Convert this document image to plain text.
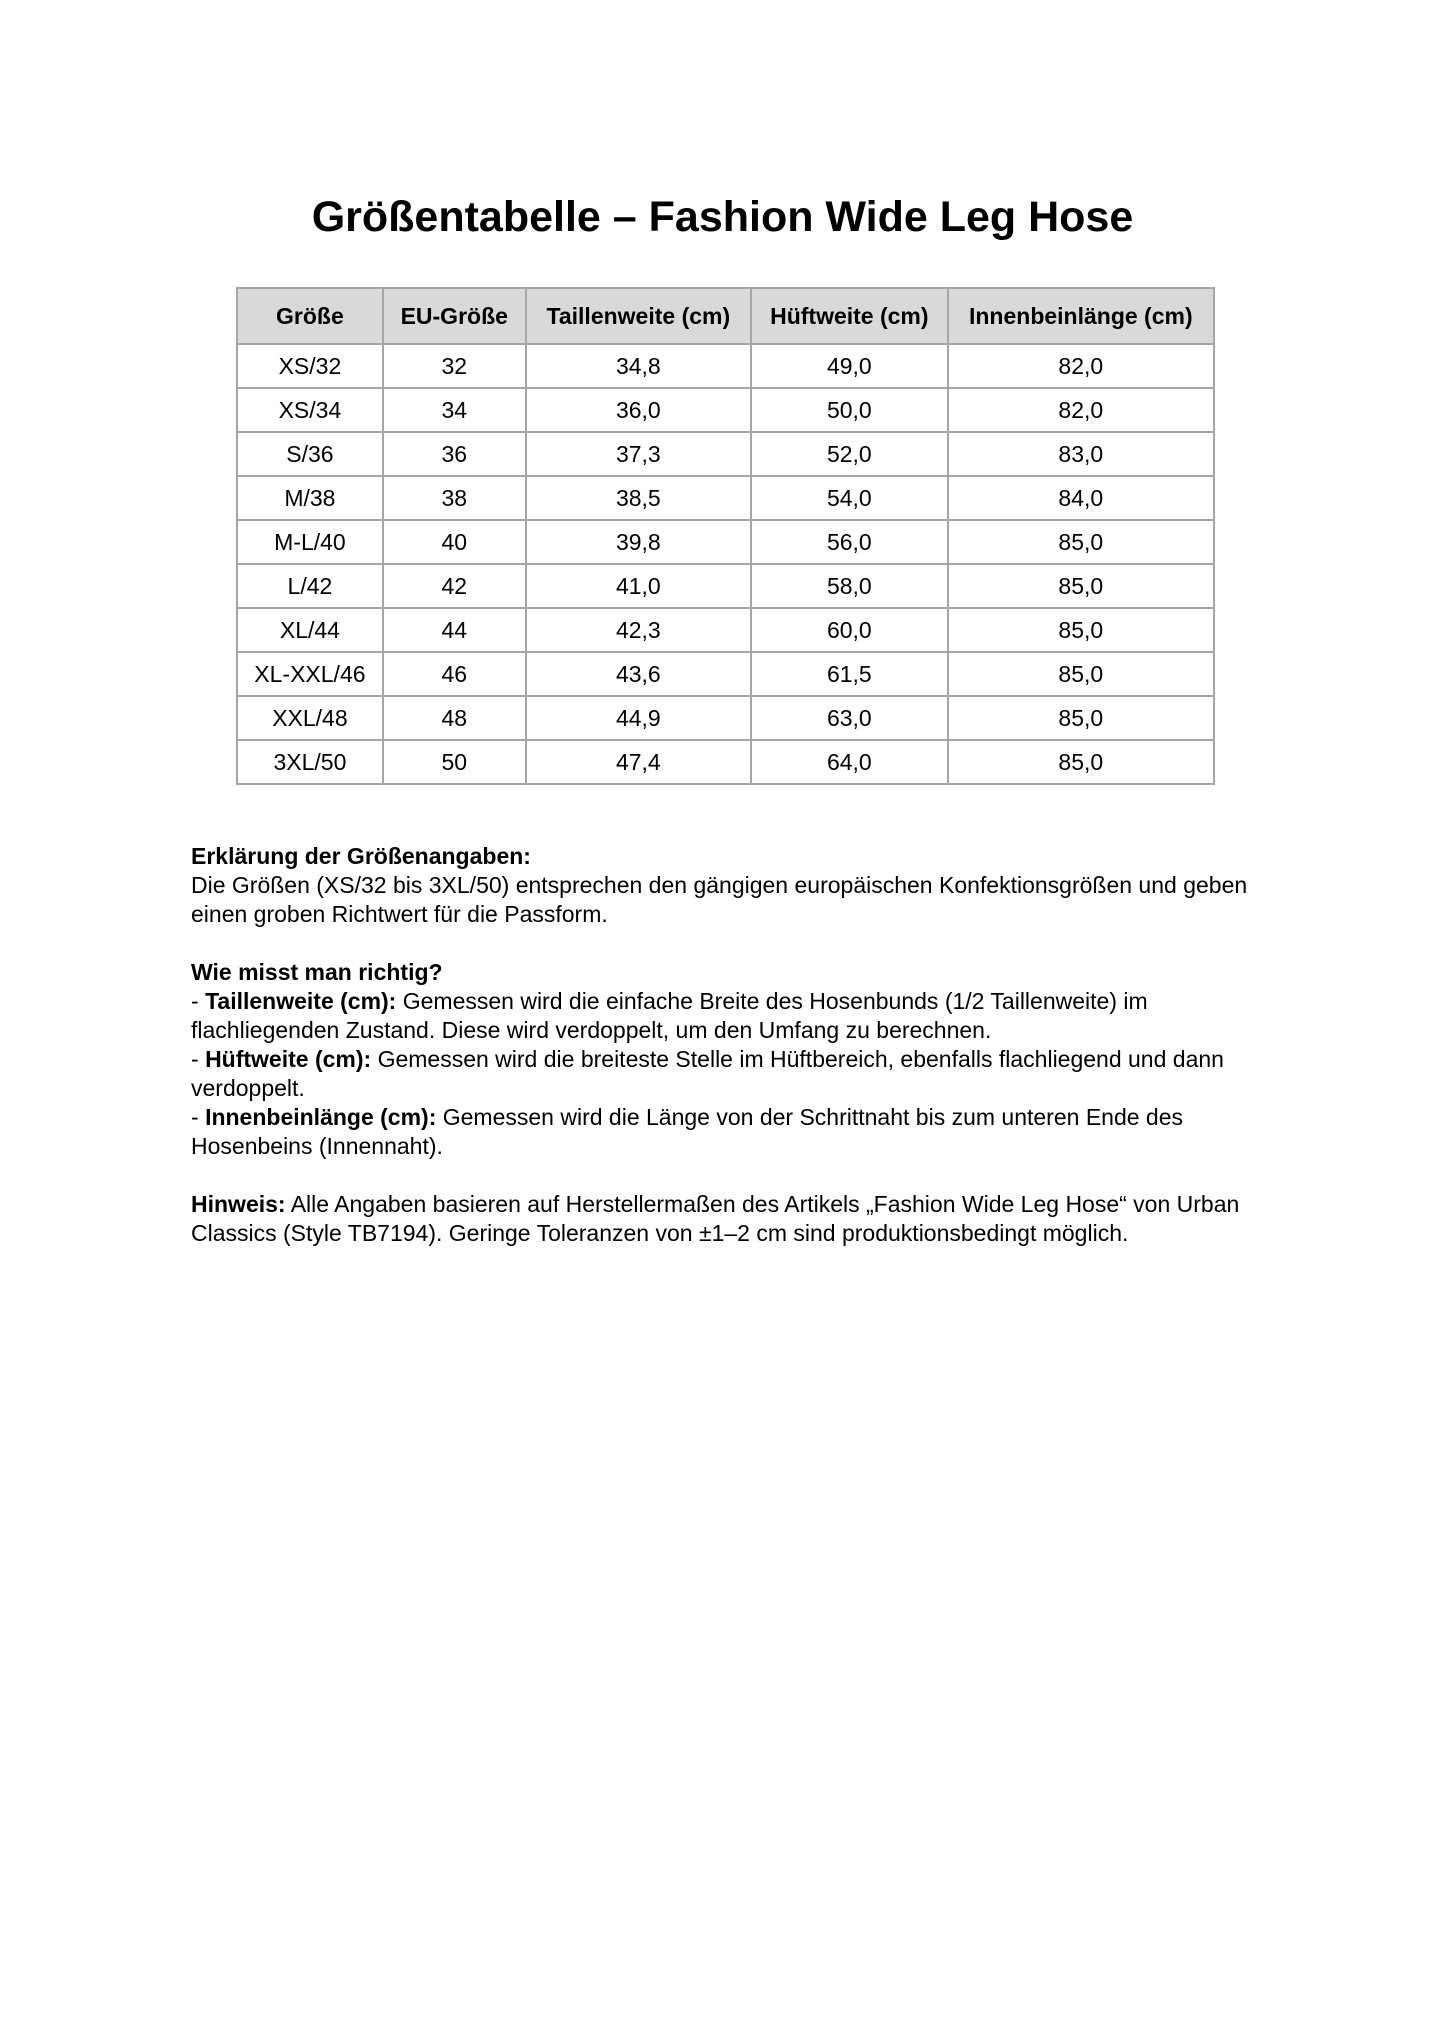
Größentabelle – Fashion Wide Leg Hose
Größe	EU-Größe	Taillenweite (cm)	Hüftweite (cm)	Innenbeinlänge (cm)
XS/32	32	34,8	49,0	82,0
XS/34	34	36,0	50,0	82,0
S/36	36	37,3	52,0	83,0
M/38	38	38,5	54,0	84,0
M-L/40	40	39,8	56,0	85,0
L/42	42	41,0	58,0	85,0
XL/44	44	42,3	60,0	85,0
XL-XXL/46	46	43,6	61,5	85,0
XXL/48	48	44,9	63,0	85,0
3XL/50	50	47,4	64,0	85,0

Erklärung der Größenangaben:
Die Größen (XS/32 bis 3XL/50) entsprechen den gängigen europäischen Konfektionsgrößen und geben einen groben Richtwert für die Passform.

Wie misst man richtig?
- Taillenweite (cm): Gemessen wird die einfache Breite des Hosenbunds (1/2 Taillenweite) im flachliegenden Zustand. Diese wird verdoppelt, um den Umfang zu berechnen.
- Hüftweite (cm): Gemessen wird die breiteste Stelle im Hüftbereich, ebenfalls flachliegend und dann verdoppelt.
- Innenbeinlänge (cm): Gemessen wird die Länge von der Schrittnaht bis zum unteren Ende des Hosenbeins (Innennaht).

Hinweis: Alle Angaben basieren auf Herstellermaßen des Artikels „Fashion Wide Leg Hose“ von Urban Classics (Style TB7194). Geringe Toleranzen von ±1–2 cm sind produktionsbedingt möglich.
